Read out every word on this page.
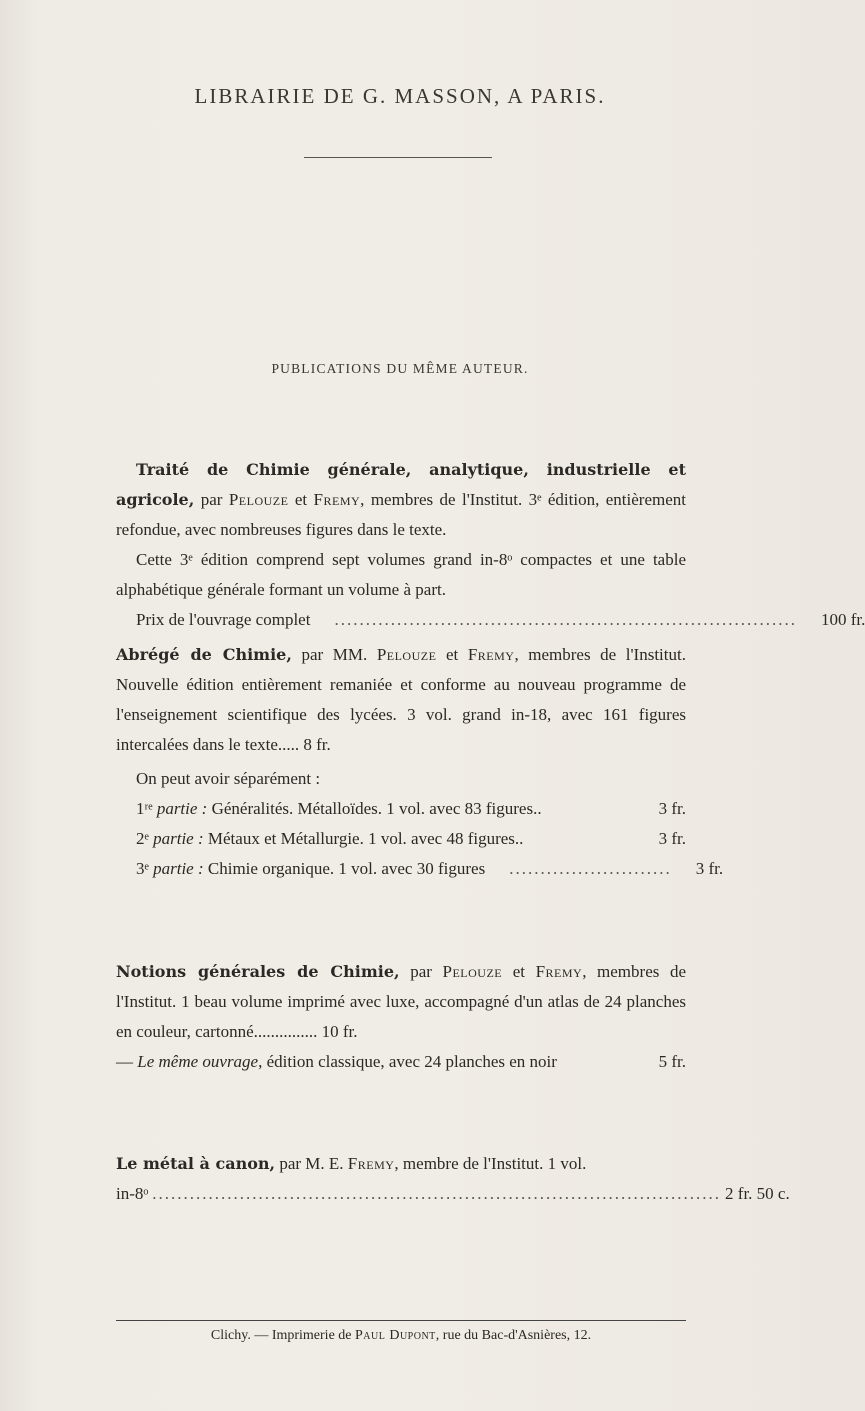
LIBRAIRIE DE G. MASSON, A PARIS.
PUBLICATIONS DU MÊME AUTEUR.

Traité de Chimie générale, analytique, industrielle et agricole, par Pelouze et Fremy, membres de l'Institut. 3ᵉ édition, entièrement refondue, avec nombreuses figures dans le texte.

Cette 3ᵉ édition comprend sept volumes grand in-8ᵒ compactes et une table alphabétique générale formant un volume à part.

Prix de l'ouvrage complet	..........................................................................	100 fr.

Abrégé de Chimie, par MM. Pelouze et Fremy, membres de l'Institut. Nouvelle édition entièrement remaniée et conforme au nouveau programme de l'enseignement scientifique des lycées. 3 vol. grand in-18, avec 161 figures intercalées dans le texte..... 8 fr.

On peut avoir séparément :

1ʳᵉ partie : Généralités. Métalloïdes. 1 vol. avec 83 figures..	3 fr.
2ᵉ partie : Métaux et Métallurgie. 1 vol. avec 48 figures..	3 fr.
3ᵉ partie : Chimie organique. 1 vol. avec 30 figures	..........................	3 fr.

Notions générales de Chimie, par Pelouze et Fremy, membres de l'Institut. 1 beau volume imprimé avec luxe, accompagné d'un atlas de 24 planches en couleur, cartonné............... 10 fr.

— Le même ouvrage, édition classique, avec 24 planches en noir	5 fr.

Le métal à canon, par M. E. Fremy, membre de l'Institut. 1 vol.

in-8ᵒ ........................................................................................... 2 fr. 50 c.
Clichy. — Imprimerie de Paul Dupont, rue du Bac-d'Asnières, 12.
